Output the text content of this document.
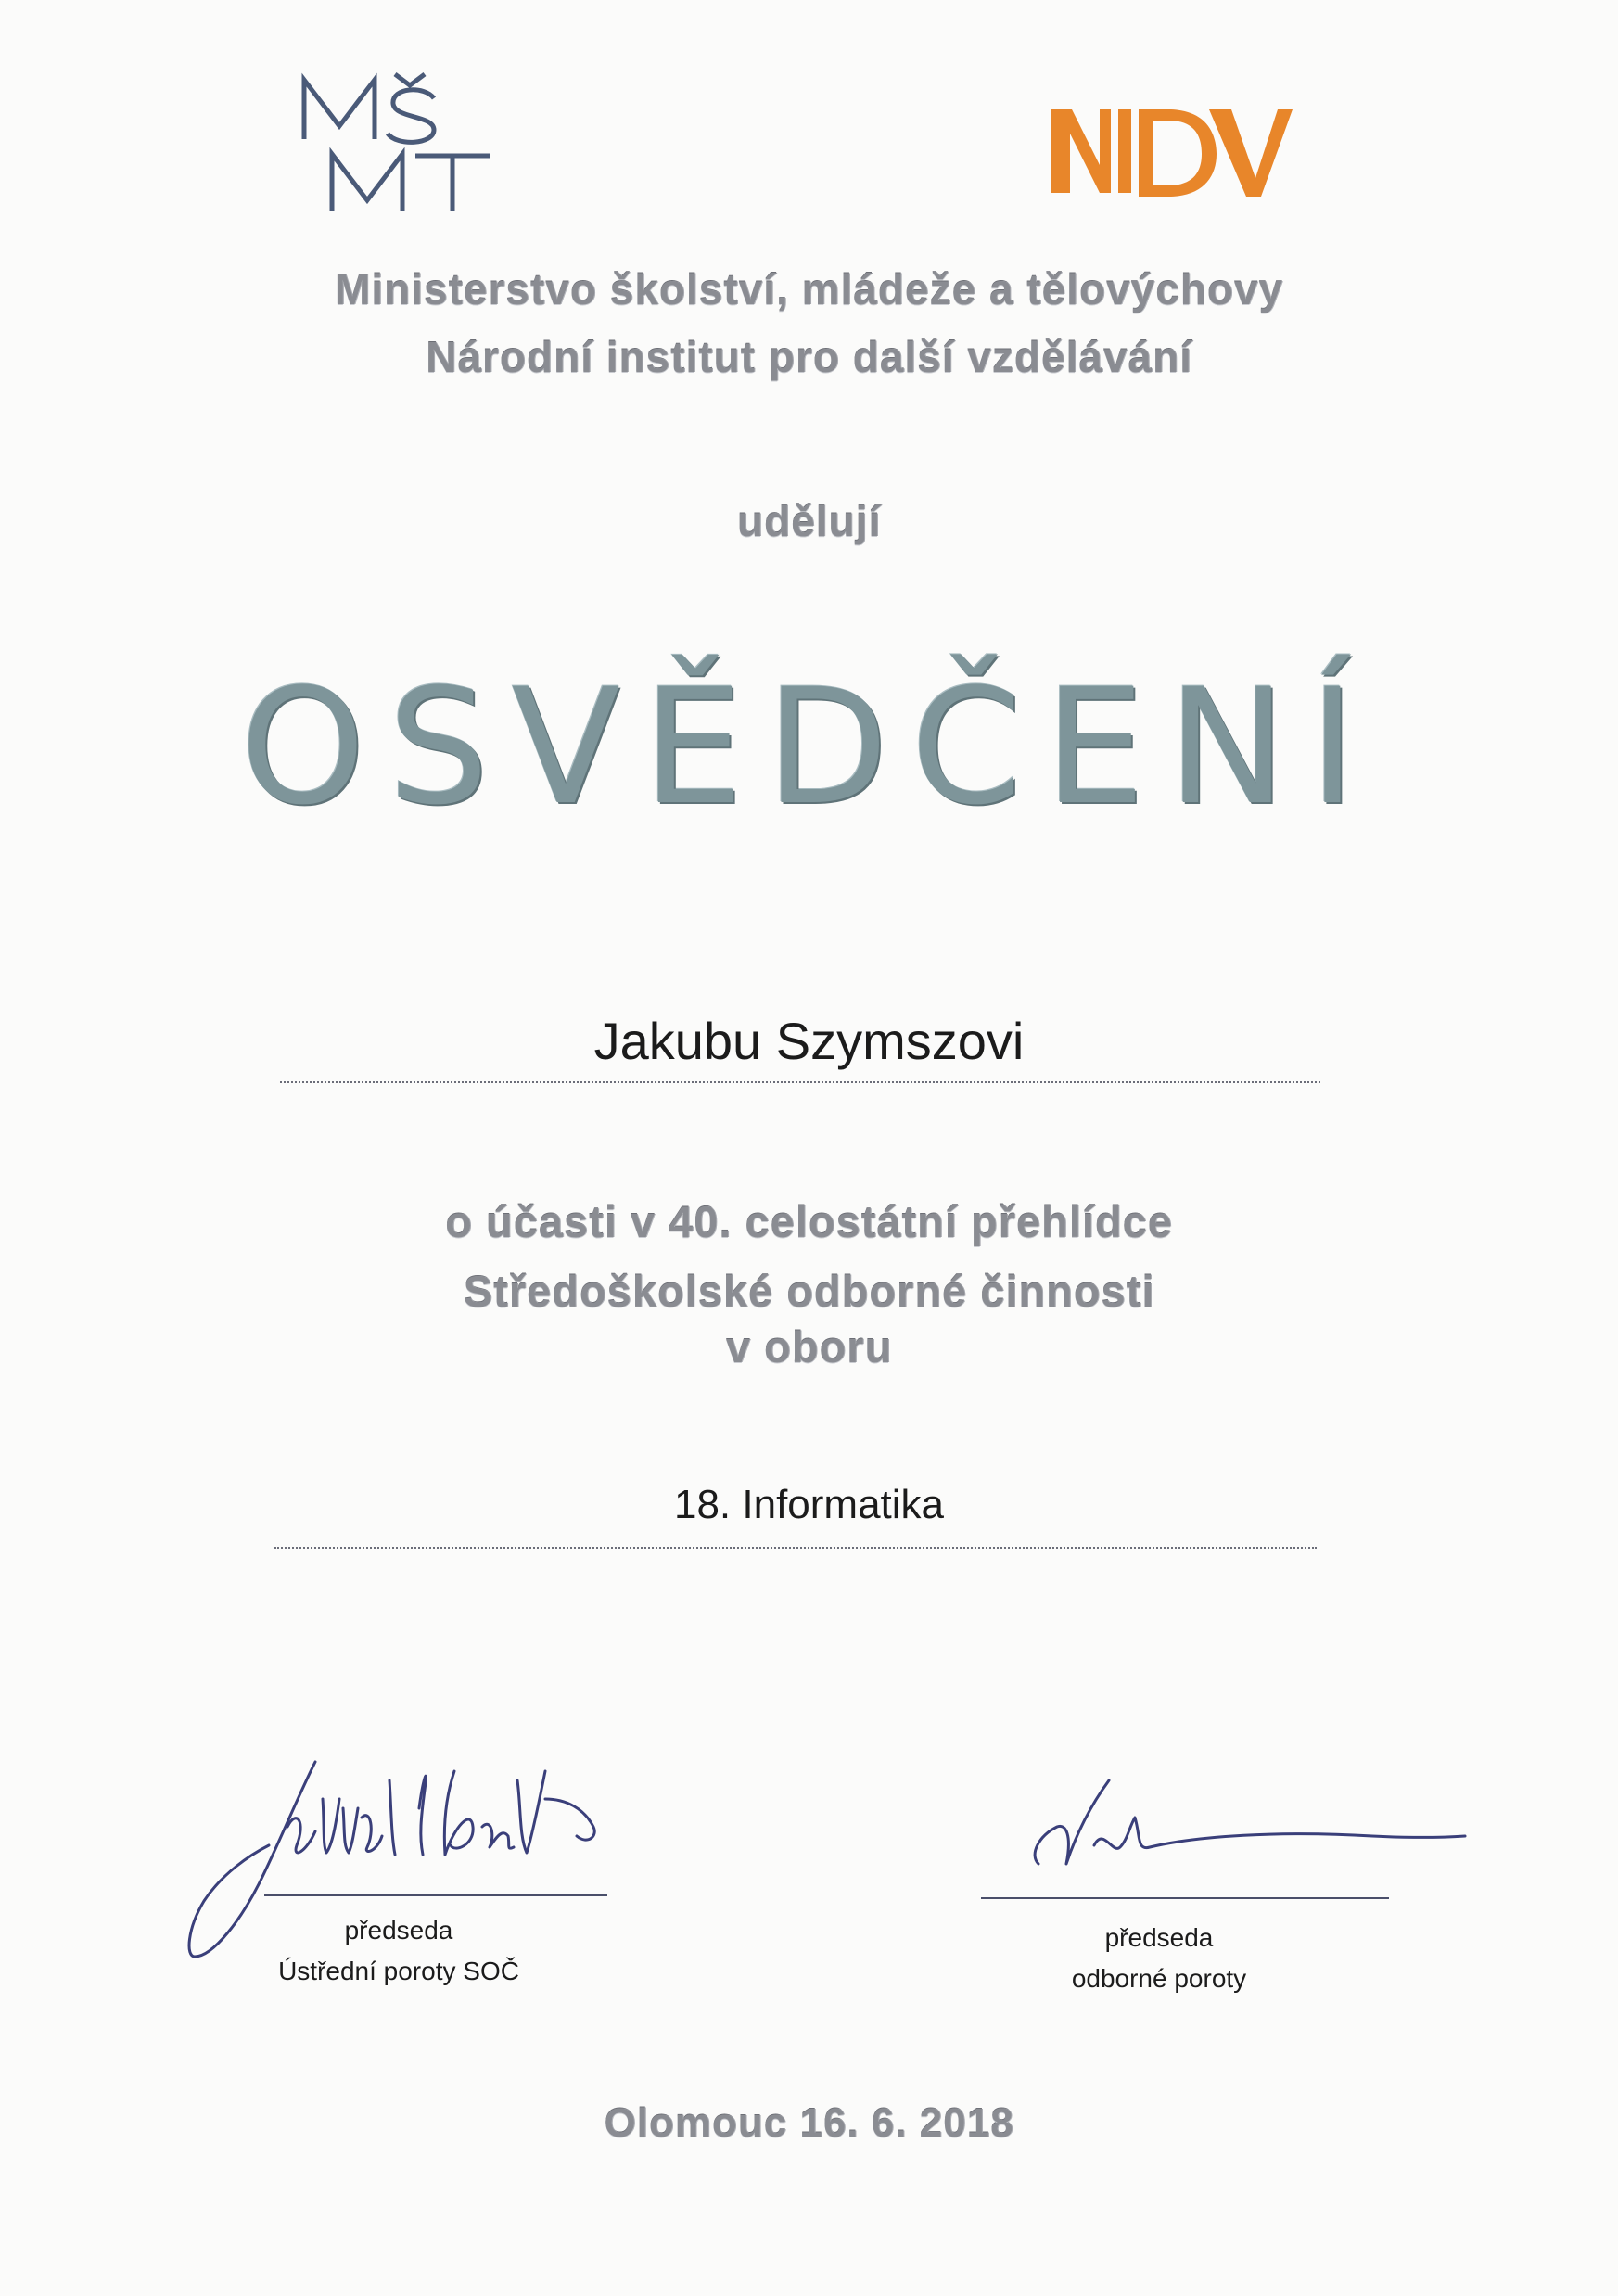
Ministerstvo školství, mládeže a tělovýchovy
Národní institut pro další vzdělávání
udělují
OSVĚDČENÍ
Jakubu Szymszovi
o účasti v 40. celostátní přehlídce
Středoškolské odborné činnosti
v oboru
18. Informatika
předseda
Ústřední poroty SOČ
předseda
odborné poroty
Olomouc 16. 6. 2018
